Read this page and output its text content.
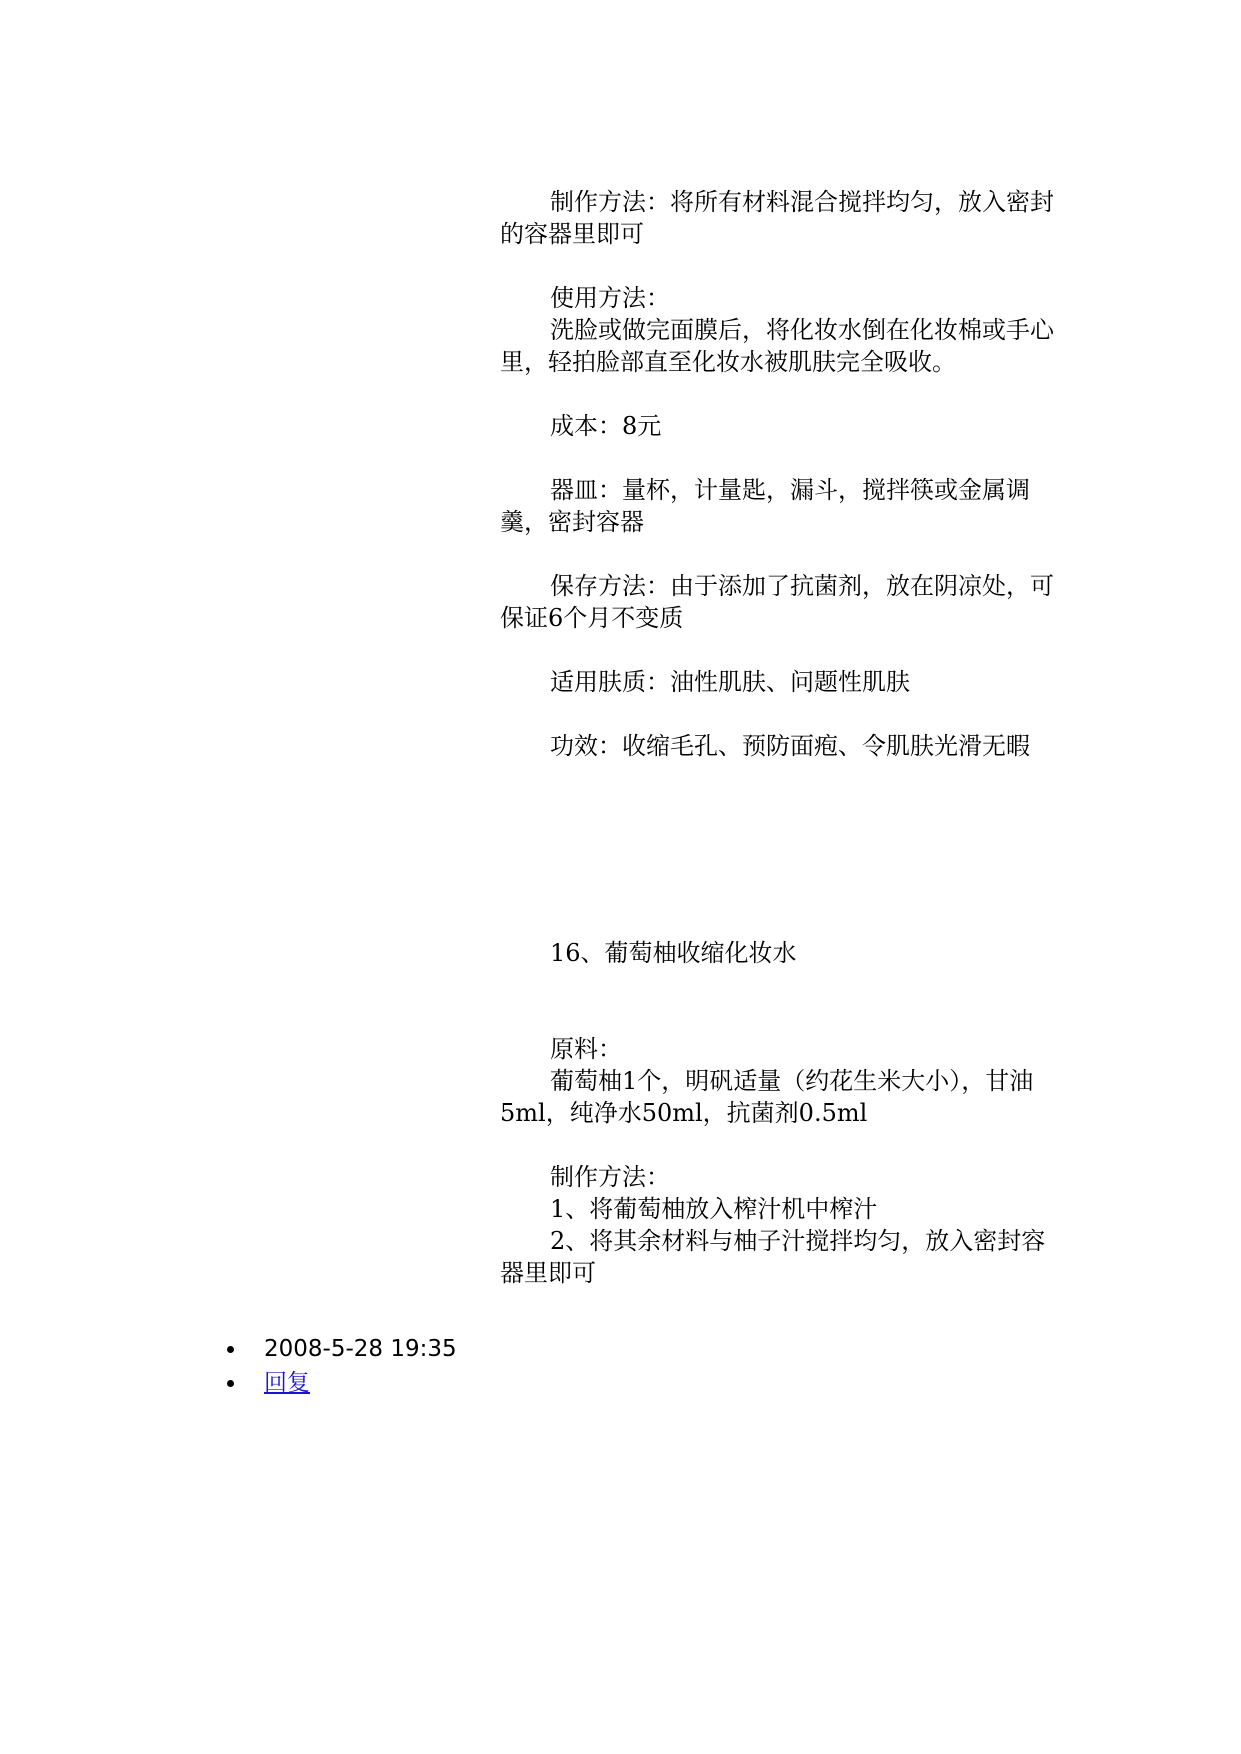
制作方法：将所有材料混合搅拌均匀，放入密封的容器里即可

使用方法：

洗脸或做完面膜后，将化妆水倒在化妆棉或手心里，轻拍脸部直至化妆水被肌肤完全吸收。

成本：8元

器皿：量杯，计量匙，漏斗，搅拌筷或金属调羹，密封容器

保存方法：由于添加了抗菌剂，放在阴凉处，可保证6个月不变质

适用肤质：油性肌肤、问题性肌肤

功效：收缩毛孔、预防面疱、令肌肤光滑无暇

16、葡萄柚收缩化妆水

原料：

葡萄柚1个，明矾适量（约花生米大小），甘油5ml，纯净水50ml，抗菌剂0.5ml

制作方法：

1、将葡萄柚放入榨汁机中榨汁

2、将其余材料与柚子汁搅拌均匀，放入密封容器里即可

2008-5-28 19:35
回复
